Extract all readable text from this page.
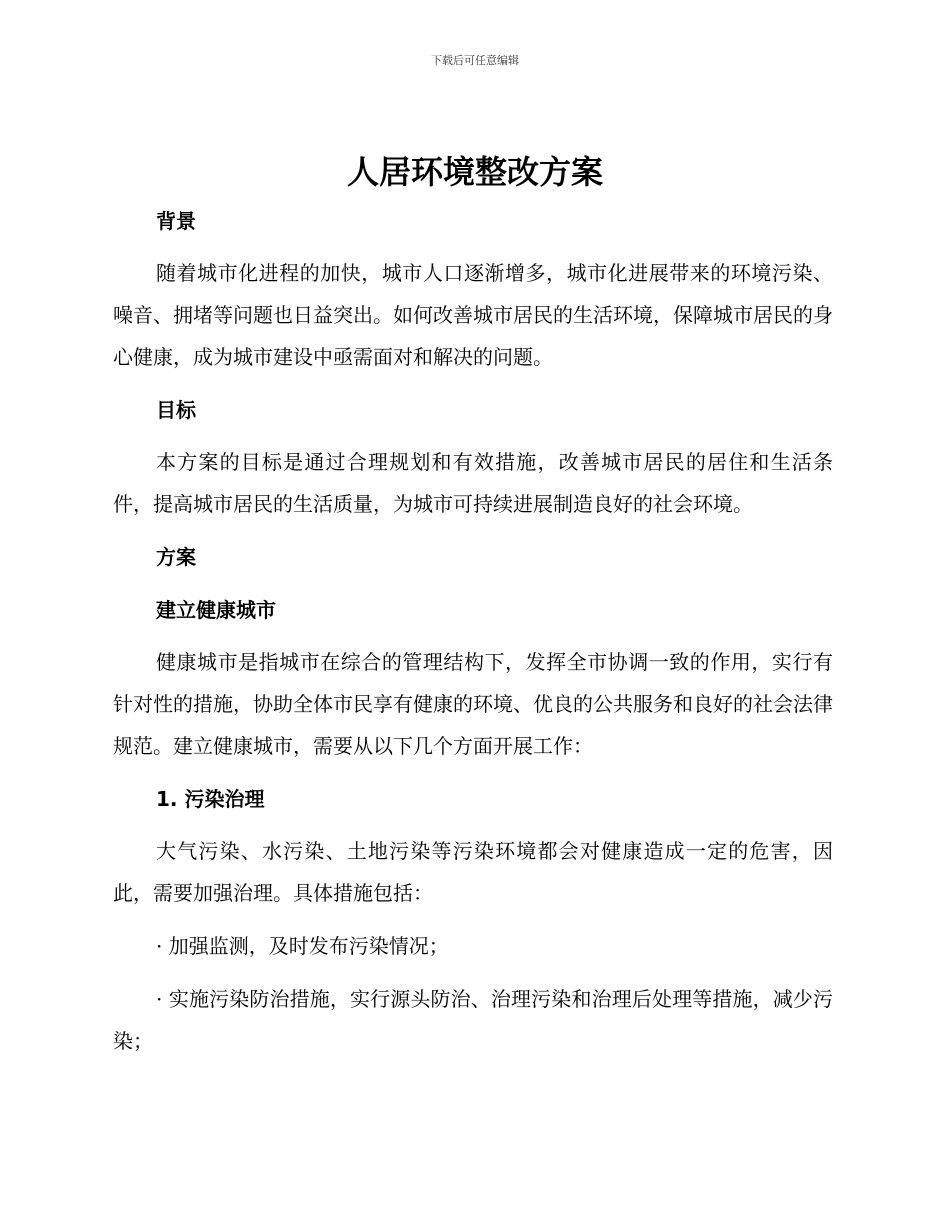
下载后可任意编辑
人居环境整改方案

背景

随着城市化进程的加快，城市人口逐渐增多，城市化进展带来的环境污染、噪音、拥堵等问题也日益突出。如何改善城市居民的生活环境，保障城市居民的身心健康，成为城市建设中亟需面对和解决的问题。

目标

本方案的目标是通过合理规划和有效措施，改善城市居民的居住和生活条件，提高城市居民的生活质量，为城市可持续进展制造良好的社会环境。

方案

建立健康城市

健康城市是指城市在综合的管理结构下，发挥全市协调一致的作用，实行有针对性的措施，协助全体市民享有健康的环境、优良的公共服务和良好的社会法律规范。建立健康城市，需要从以下几个方面开展工作：

1. 污染治理

大气污染、水污染、土地污染等污染环境都会对健康造成一定的危害，因此，需要加强治理。具体措施包括：

· 加强监测，及时发布污染情况；

· 实施污染防治措施，实行源头防治、治理污染和治理后处理等措施，减少污染；
